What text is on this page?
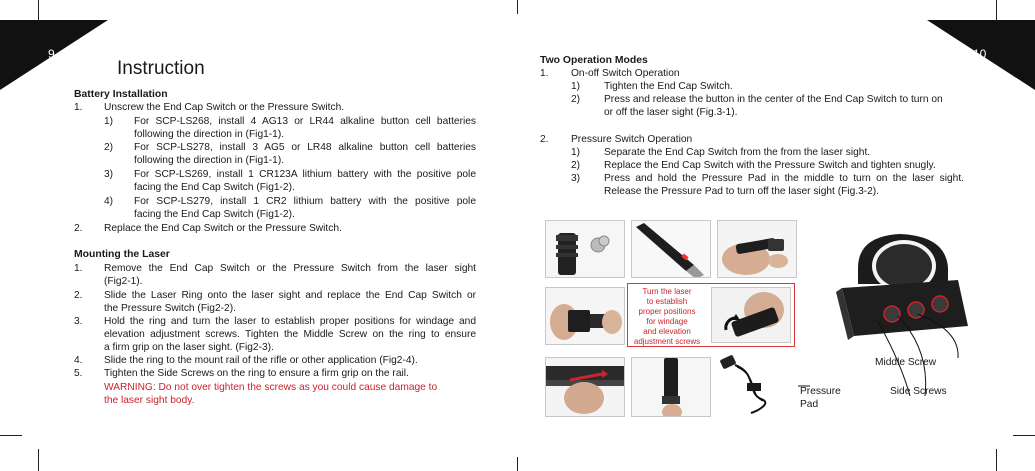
9	10
Instruction
Battery Installation
1. Unscrew the End Cap Switch or the Pressure Switch.
1) For SCP-LS268, install 4 AG13 or LR44 alkaline button cell batteries
following the direction in (Fig1-1).
2) For SCP-LS278, install 3 AG5 or LR48 alkaline button cell batteries
following the direction in (Fig1-1).
3) For SCP-LS269, install 1 CR123A lithium battery with the positive pole
facing the End Cap Switch (Fig1-2).
4) For SCP-LS279, install 1 CR2 lithium battery with the positive pole
facing the End Cap Switch (Fig1-2).
2. Replace the End Cap Switch or the Pressure Switch.
Mounting the Laser
1. Remove the End Cap Switch or the Pressure Switch from the laser sight
(Fig2-1).
2. Slide the Laser Ring onto the laser sight and replace the End Cap Switch or
the Pressure Switch (Fig2-2).
3. Hold the ring and turn the laser to establish proper positions for windage and
elevation adjustment screws. Tighten the Middle Screw on the ring to ensure
a firm grip on the laser sight. (Fig2-3).
4. Slide the ring to the mount rail of the rifle or other application (Fig2-4).
5. Tighten the Side Screws on the ring to ensure a firm grip on the rail.
WARNING: Do not over tighten the screws as you could cause damage to
the laser sight body.
Two Operation Modes
1. On-off Switch Operation
1) Tighten the End Cap Switch.
2) Press and release the button in the center of the End Cap Switch to turn on
or off the laser sight (Fig.3-1).
2. Pressure Switch Operation
1) Separate the End Cap Switch from the from the laser sight.
2) Replace the End Cap Switch with the Pressure Switch and tighten snugly.
3) Press and hold the Pressure Pad in the middle to turn on the laser sight.
Release the Pressure Pad to turn off the laser sight (Fig.3-2).
Turn the laser
to establish
proper positions
for windage
and elevation
adjustment screws
Middle Screw
Side Screws
Pressure
Pad
